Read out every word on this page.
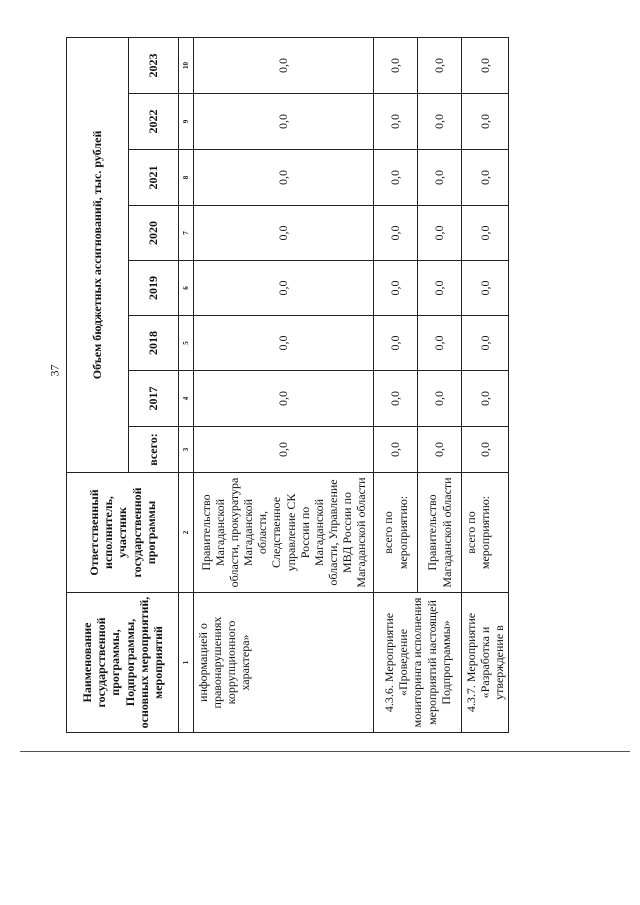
37
Наименование государственной программы, Подпрограммы, основных мероприятий, мероприятий	Ответственный исполнитель, участник государственной программы	Объем бюджетных ассигнований, тыс. рублей							
		всего:	2017	2018	2019	2020	2021	2022	2023
1	2	3	4	5	6	7	8	9	10
информацией о правонарушениях коррупционного характера»	Правительство Магаданской области, прокуратура Магаданской области, Следственное управление СК России по Магаданской области, Управление МВД России по Магаданской области	0,0	0,0	0,0	0,0	0,0	0,0	0,0	0,0
4.3.6. Мероприятие «Проведение мониторинга исполнения мероприятий настоящей Подпрограммы»	всего по мероприятию:	0,0	0,0	0,0	0,0	0,0	0,0	0,0	0,0
	Правительство Магаданской области	0,0	0,0	0,0	0,0	0,0	0,0	0,0	0,0
4.3.7. Мероприятие «Разработка и утверждение в	всего по мероприятию:	0,0	0,0	0,0	0,0	0,0	0,0	0,0	0,0
